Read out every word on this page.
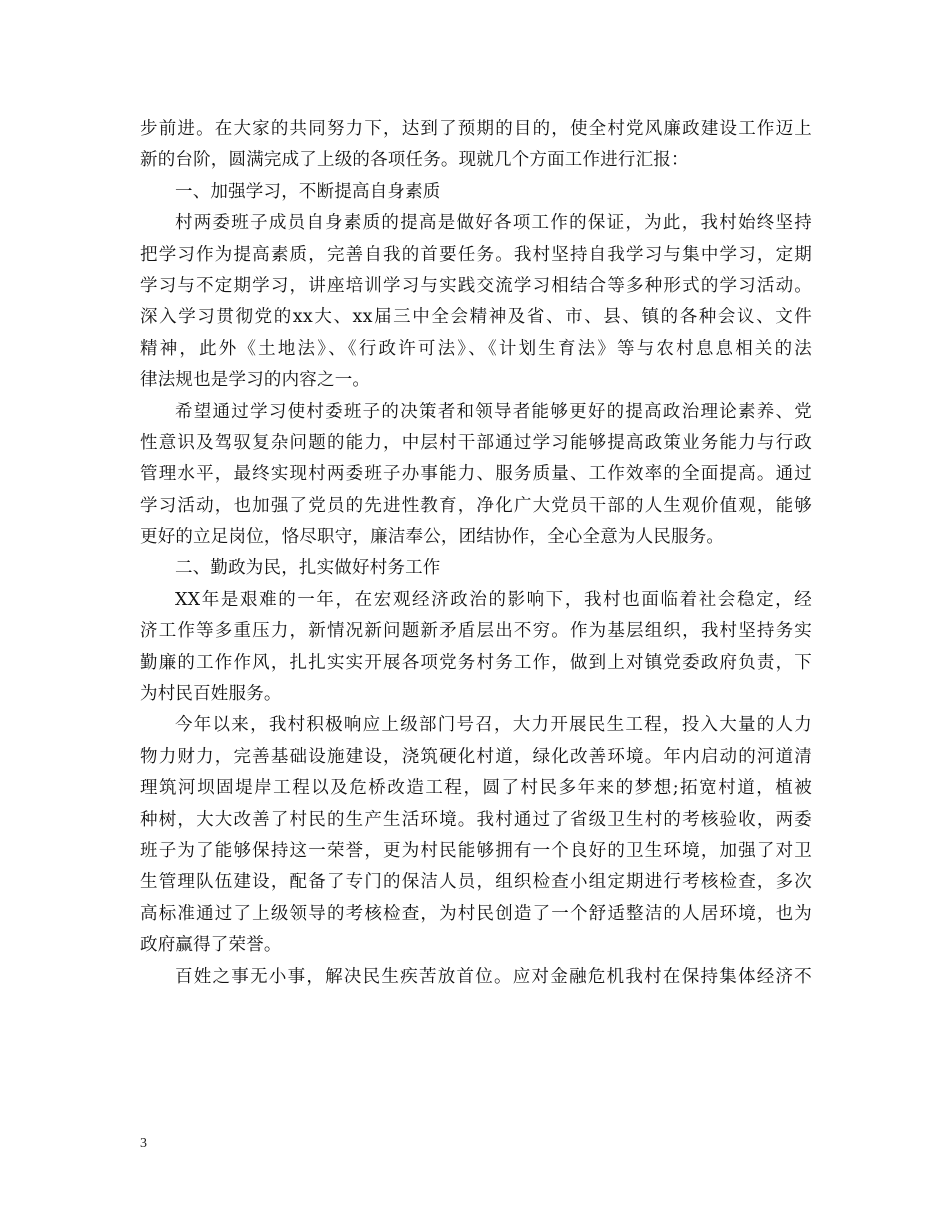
步前进。在大家的共同努力下，达到了预期的目的，使全村党风廉政建设工作迈上
新的台阶，圆满完成了上级的各项任务。现就几个方面工作进行汇报：
一、加强学习，不断提高自身素质
村两委班子成员自身素质的提高是做好各项工作的保证，为此，我村始终坚持
把学习作为提高素质，完善自我的首要任务。我村坚持自我学习与集中学习，定期
学习与不定期学习，讲座培训学习与实践交流学习相结合等多种形式的学习活动。
深入学习贯彻党的xx大、xx届三中全会精神及省、市、县、镇的各种会议、文件
精神，此外《土地法》、《行政许可法》、《计划生育法》等与农村息息相关的法
律法规也是学习的内容之一。
希望通过学习使村委班子的决策者和领导者能够更好的提高政治理论素养、党
性意识及驾驭复杂问题的能力，中层村干部通过学习能够提高政策业务能力与行政
管理水平，最终实现村两委班子办事能力、服务质量、工作效率的全面提高。通过
学习活动，也加强了党员的先进性教育，净化广大党员干部的人生观价值观，能够
更好的立足岗位，恪尽职守，廉洁奉公，团结协作，全心全意为人民服务。
二、勤政为民，扎实做好村务工作
XX年是艰难的一年，在宏观经济政治的影响下，我村也面临着社会稳定，经
济工作等多重压力，新情况新问题新矛盾层出不穷。作为基层组织，我村坚持务实
勤廉的工作作风，扎扎实实开展各项党务村务工作，做到上对镇党委政府负责，下
为村民百姓服务。
今年以来，我村积极响应上级部门号召，大力开展民生工程，投入大量的人力
物力财力，完善基础设施建设，浇筑硬化村道，绿化改善环境。年内启动的河道清
理筑河坝固堤岸工程以及危桥改造工程，圆了村民多年来的梦想;拓宽村道，植被
种树，大大改善了村民的生产生活环境。我村通过了省级卫生村的考核验收，两委
班子为了能够保持这一荣誉，更为村民能够拥有一个良好的卫生环境，加强了对卫
生管理队伍建设，配备了专门的保洁人员，组织检查小组定期进行考核检查，多次
高标准通过了上级领导的考核检查，为村民创造了一个舒适整洁的人居环境，也为
政府赢得了荣誉。
百姓之事无小事，解决民生疾苦放首位。应对金融危机我村在保持集体经济不
3
